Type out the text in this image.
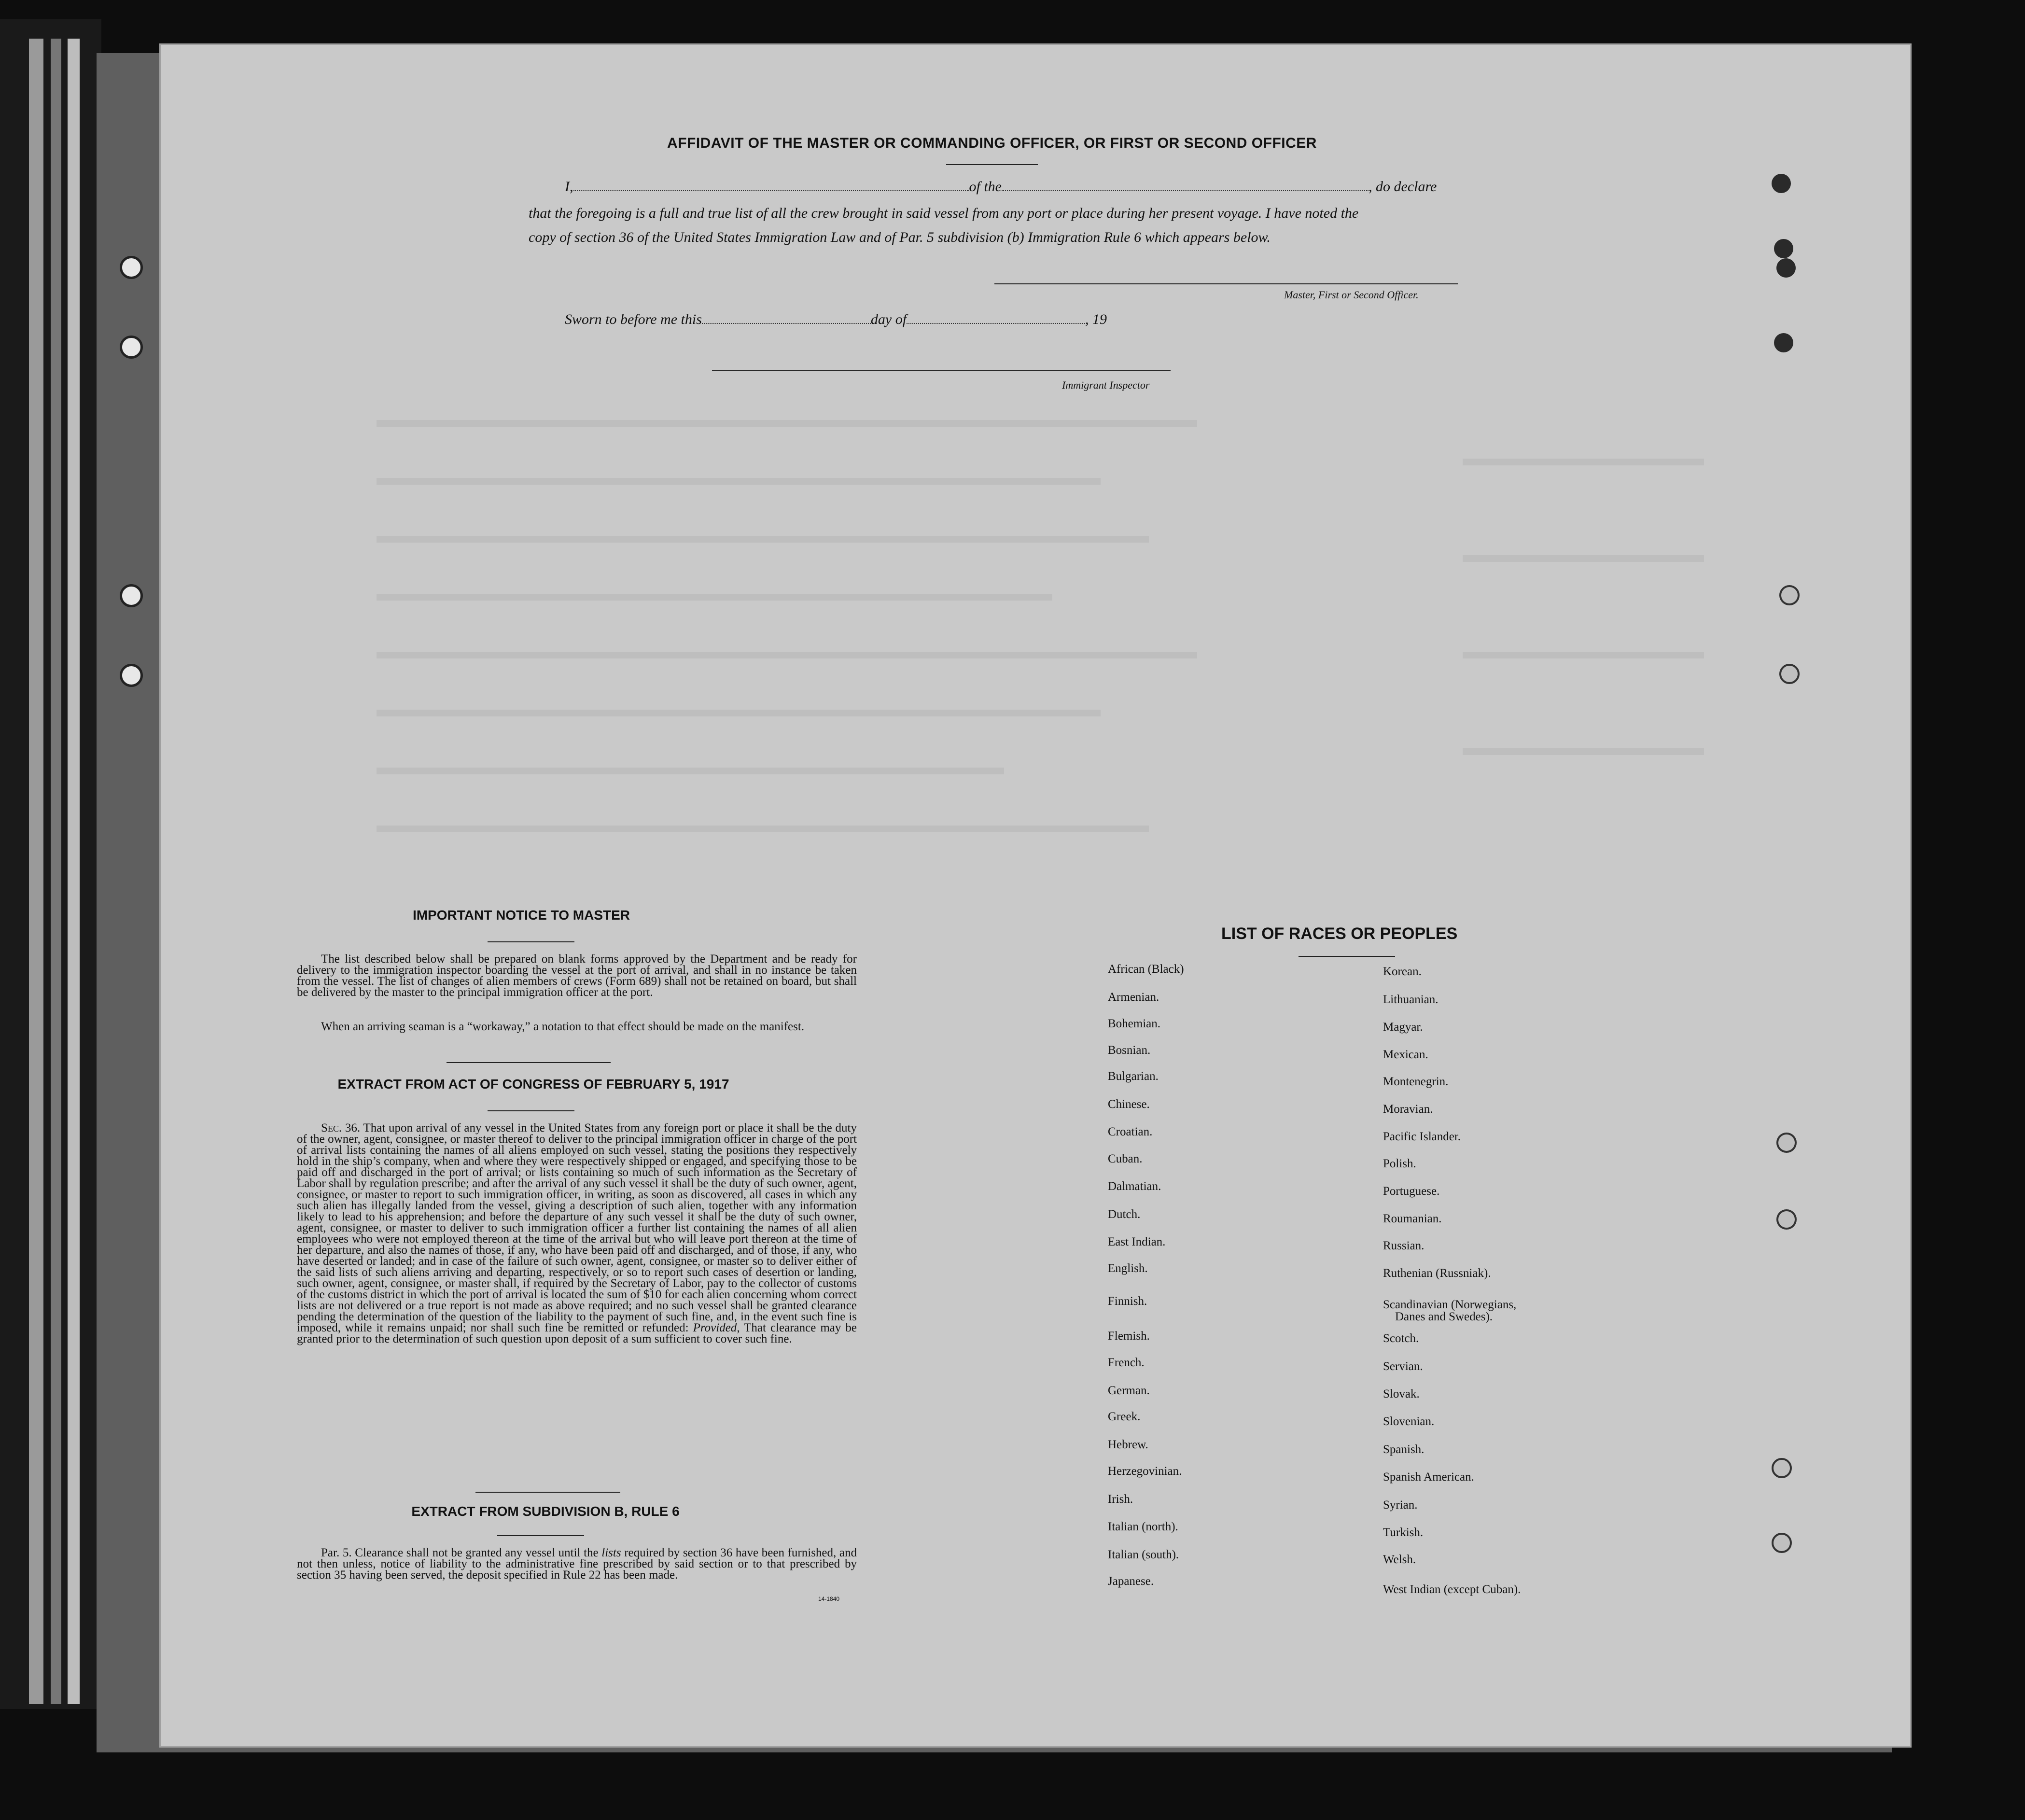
AFFIDAVIT OF THE MASTER OR COMMANDING OFFICER, OR FIRST OR SECOND OFFICER
I,	of the	, do declare
that the foregoing is a full and true list of all the crew brought in said vessel from any port or place during her present voyage. I have noted the
copy of section 36 of the United States Immigration Law and of Par. 5 subdivision (b) Immigration Rule 6 which appears below.
Master, First or Second Officer.
Sworn to before me this	day of	, 19
Immigrant Inspector
IMPORTANT NOTICE TO MASTER
The list described below shall be prepared on blank forms approved by the Department and be ready for delivery to the immigration inspector boarding the vessel at the port of arrival, and shall in no instance be taken from the vessel. The list of changes of alien members of crews (Form 689) shall not be retained on board, but shall be delivered by the master to the principal immigration officer at the port.
When an arriving seaman is a “workaway,” a notation to that effect should be made on the manifest.
EXTRACT FROM ACT OF CONGRESS OF FEBRUARY 5, 1917
Sec. 36. That upon arrival of any vessel in the United States from any foreign port or place it shall be the duty of the owner, agent, consignee, or master thereof to deliver to the principal immigration officer in charge of the port of arrival lists containing the names of all aliens employed on such vessel, stating the positions they respectively hold in the ship’s company, when and where they were respectively shipped or engaged, and specifying those to be paid off and discharged in the port of arrival; or lists containing so much of such information as the Secretary of Labor shall by regulation prescribe; and after the arrival of any such vessel it shall be the duty of such owner, agent, consignee, or master to report to such immigration officer, in writing, as soon as discovered, all cases in which any such alien has illegally landed from the vessel, giving a description of such alien, together with any information likely to lead to his apprehension; and before the departure of any such vessel it shall be the duty of such owner, agent, consignee, or master to deliver to such immigration officer a further list containing the names of all alien employees who were not employed thereon at the time of the arrival but who will leave port thereon at the time of her departure, and also the names of those, if any, who have been paid off and discharged, and of those, if any, who have deserted or landed; and in case of the failure of such owner, agent, consignee, or master so to deliver either of the said lists of such aliens arriving and departing, respectively, or so to report such cases of desertion or landing, such owner, agent, consignee, or master shall, if required by the Secretary of Labor, pay to the collector of customs of the customs district in which the port of arrival is located the sum of $10 for each alien concerning whom correct lists are not delivered or a true report is not made as above required; and no such vessel shall be granted clearance pending the determination of the question of the liability to the payment of such fine, and, in the event such fine is imposed, while it remains unpaid; nor shall such fine be remitted or refunded: Provided, That clearance may be granted prior to the determination of such question upon deposit of a sum sufficient to cover such fine.
EXTRACT FROM SUBDIVISION B, RULE 6
Par. 5. Clearance shall not be granted any vessel until the lists required by section 36 have been furnished, and not then unless, notice of liability to the administrative fine prescribed by said section or to that prescribed by section 35 having been served, the deposit specified in Rule 22 has been made.
14-1840
LIST OF RACES OR PEOPLES
African (Black)
Armenian.
Bohemian.
Bosnian.
Bulgarian.
Chinese.
Croatian.
Cuban.
Dalmatian.
Dutch.
East Indian.
English.
Finnish.
Flemish.
French.
German.
Greek.
Hebrew.
Herzegovinian.
Irish.
Italian (north).
Italian (south).
Japanese.
Korean.
Lithuanian.
Magyar.
Mexican.
Montenegrin.
Moravian.
Pacific Islander.
Polish.
Portuguese.
Roumanian.
Russian.
Ruthenian (Russniak).
Scandinavian (Norwegians,
Scotch.
Servian.
Slovak.
Slovenian.
Spanish.
Spanish American.
Syrian.
Turkish.
Welsh.
West Indian (except Cuban).
Danes and Swedes).
